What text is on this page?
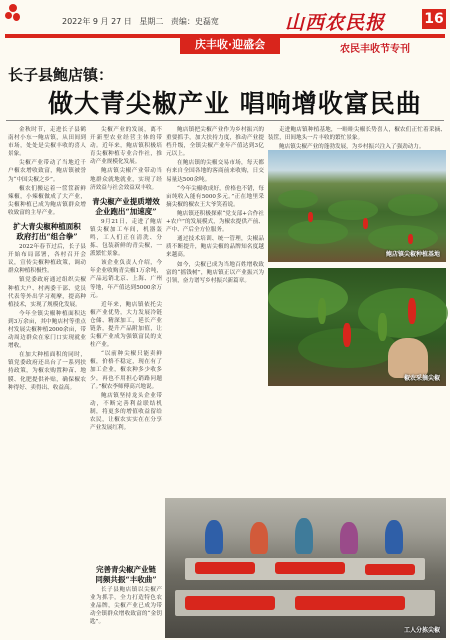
2022年 9 月 27 日 星期二 责编：史磊宽	山西农民报	16
庆丰收·迎盛会	农民丰收节专刊
长子县鲍店镇：
做大青尖椒产业 唱响增收富民曲

金秋时节，走进长子县鹤南村小东一鲍店镇，从田间到市场，处处是尖椒丰收的喜人景象。

尖椒产业带动了当地近千户椒农增收致富，鲍店镇被誉为“中国尖椒之乡”。

椒农们搬运着一筐筐新鲜辣椒，小辣椒做成了大产业，尖椒种植已成为鲍店镇群众增收致富的主导产业。

扩大青尖椒种植面积
政府打出“组合拳”

2022年春节过后，长子县开始布局部署，各村召开会议，宣传尖椒种植政策，调动群众种植积极性。

镇党委政府通过组织尖椒种植大户、村两委干部、党员代表等外出学习观摩，提高种植技术，实现了规模化发展。

今年全镇尖椒种植面积达到3万余亩，其中鲍店村等重点村发展尖椒种植2000余亩，带动周边群众在家门口实现就业增收。

在加大种植面积的同时，镇党委政府还出台了一系列扶持政策，为椒农购置种苗、地膜、化肥提供补贴，确保椒农种得好、卖得出、收益高。

尖椒产业的发展，离不开新型农业经营主体的带动。近年来，鲍店镇积极培育尖椒种植专业合作社，推动产业规模化发展。

鲍店镇尖椒产业带动当地群众就地就业，实现了经济效益与社会效益双丰收。

青尖椒产业提质增效
企业跑出“加速度”

9月21日，走进了鲍店镇尖椒加工车间，机器轰鸣，工人们正在清洗、分拣、包装新鲜的青尖椒，一派繁忙景象。

该企业负责人介绍，今年企业收购青尖椒1万余吨，产品远销北京、上海、广州等地，年产值达到5000余万元。

近年来，鲍店镇依托尖椒产业优势，大力发展冷链仓储、精深加工，延长产业链条，提升产品附加值，让尖椒产业成为强镇富民的支柱产业。

“以前种尖椒只能卖鲜椒，价格不稳定，现在有了加工企业，椒农种多少收多少，再也不用担心销路问题了。”椒农李师傅高兴地说。

鲍店镇坚持龙头企业带动，不断完善利益联结机制，将更多的增值收益留给农民，让椒农实实在在分享产业发展红利。

鲍店镇把尖椒产业作为乡村振兴的重要抓手，加大扶持力度，推动产业提档升级，全镇尖椒产业年产值达到3亿元以上。

在鲍店镇的尖椒交易市场，每天都有来自全国各地的客商前来收购，日交易量达500余吨。

“今年尖椒收成好，价格也不错，每亩纯收入能有5000多元。”正在地里采摘尖椒的椒农王大爷笑着说。

鲍店镇还积极探索“党支部+合作社+农户”的发展模式，为椒农提供产前、产中、产后全方位服务。

通过技术培训、统一管理，尖椒品质不断提升，鲍店尖椒的品牌知名度越来越高。

如今，尖椒已成为当地百姓增收致富的“摇钱树”，鲍店镇正以产业振兴为引领，奋力谱写乡村振兴新篇章。

完善青尖椒产业链
同频共振“丰收曲”

长子县鲍店镇以尖椒产业为抓手，全力打造特色农业品牌，尖椒产业已成为带动全镇群众增收致富的“金钥匙”。

走进鲍店镇种植基地，一畦畦尖椒长势喜人，椒农们正忙着采摘、装筐，田间地头一片丰收的繁忙景象。

鲍店镇尖椒产业的蓬勃发展，为乡村振兴注入了强劲动力。

鲍店镇尖椒种植基地
椒农采摘尖椒
工人分拣尖椒
